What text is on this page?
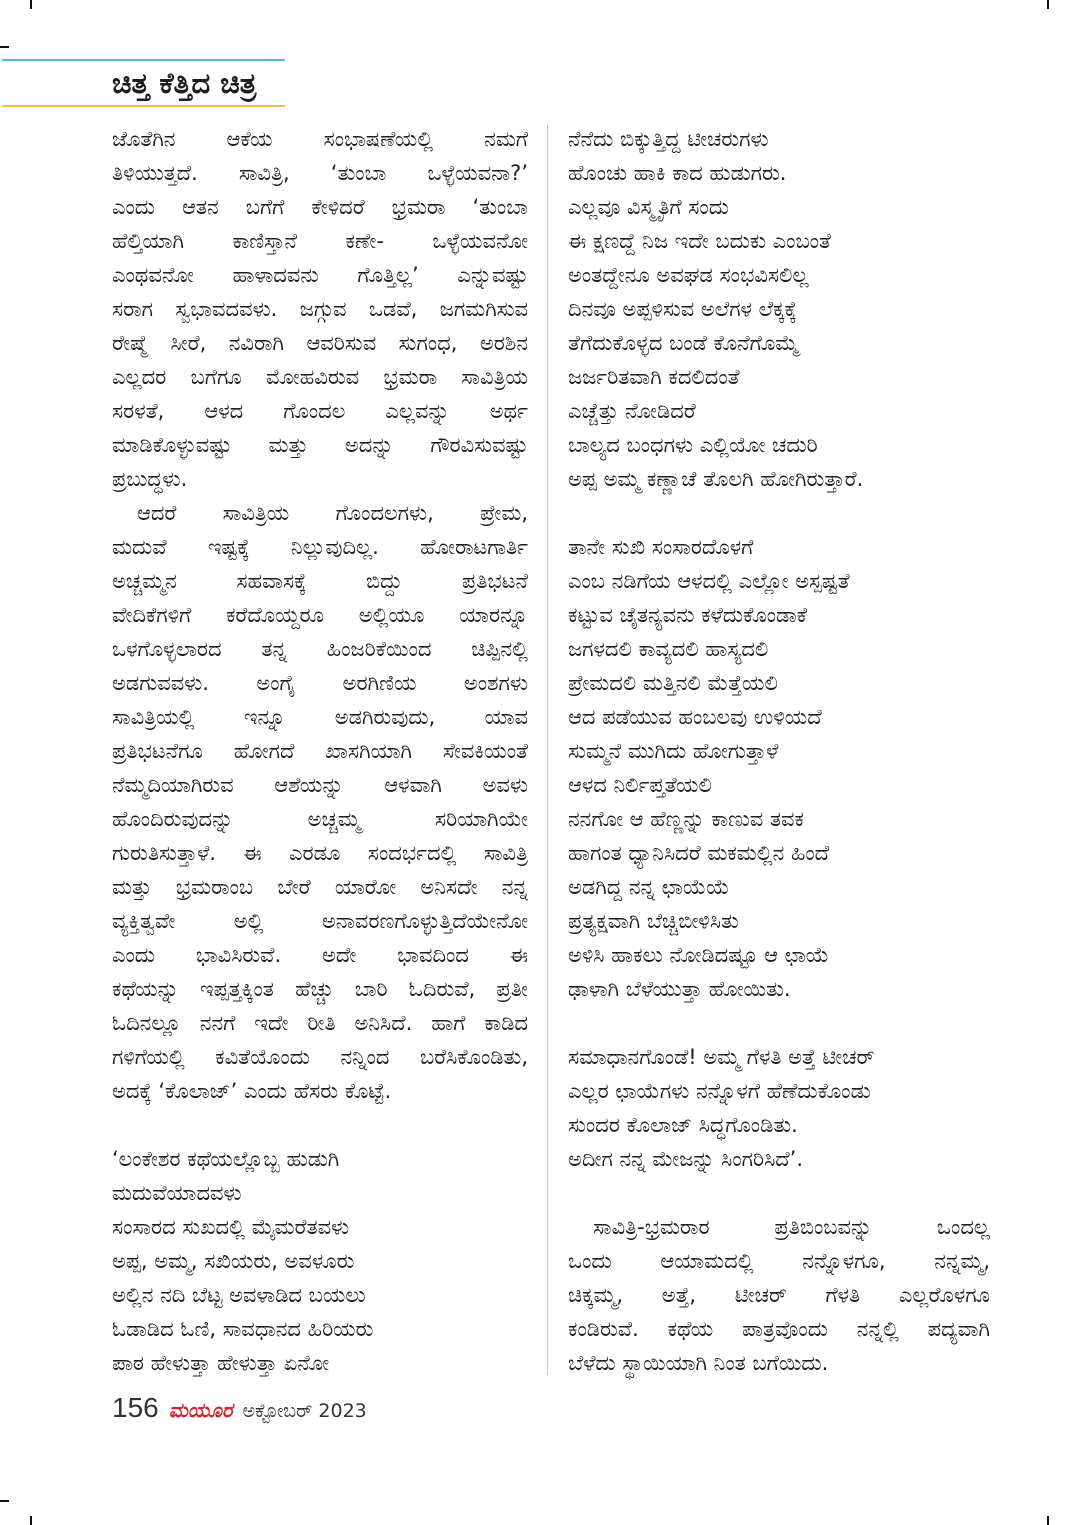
ಚಿತ್ತ ಕೆತ್ತಿದ ಚಿತ್ರ
ಜೊತೆಗಿನ ಆಕೆಯ ಸಂಭಾಷಣೆಯಲ್ಲಿ ನಮಗೆ
ತಿಳಿಯುತ್ತದೆ. ಸಾವಿತ್ರಿ, ‘ತುಂಬಾ ಒಳ್ಳೆಯವನಾ?’
ಎಂದು ಆತನ ಬಗೆಗೆ ಕೇಳಿದರೆ ಭ್ರಮರಾ ‘ತುಂಬಾ
ಹೆಲ್ತಿಯಾಗಿ ಕಾಣಿಸ್ತಾನೆ ಕಣೇ- ಒಳ್ಳೆಯವನೋ
ಎಂಥವನೋ ಹಾಳಾದವನು ಗೊತ್ತಿಲ್ಲ’ ಎನ್ನುವಷ್ಟು
ಸರಾಗ ಸ್ವಭಾವದವಳು. ಜಗ್ಗುವ ಒಡವೆ, ಜಗಮಗಿಸುವ
ರೇಷ್ಮೆ ಸೀರೆ, ನವಿರಾಗಿ ಆವರಿಸುವ ಸುಗಂಧ, ಅರಶಿನ
ಎಲ್ಲದರ ಬಗೆಗೂ ಮೋಹವಿರುವ ಭ್ರಮರಾ ಸಾವಿತ್ರಿಯ
ಸರಳತೆ, ಆಳದ ಗೊಂದಲ ಎಲ್ಲವನ್ನು ಅರ್ಥ
ಮಾಡಿಕೊಳ್ಳುವಷ್ಟು ಮತ್ತು ಅದನ್ನು ಗೌರವಿಸುವಷ್ಟು
ಪ್ರಬುದ್ಧಳು.
ಆದರೆ ಸಾವಿತ್ರಿಯ ಗೊಂದಲಗಳು, ಪ್ರೇಮ,
ಮದುವೆ ಇಷ್ಟಕ್ಕೆ ನಿಲ್ಲುವುದಿಲ್ಲ. ಹೋರಾಟಗಾರ್ತಿ
ಅಚ್ಚಮ್ಮನ ಸಹವಾಸಕ್ಕೆ ಬಿದ್ದು ಪ್ರತಿಭಟನೆ
ವೇದಿಕೆಗಳಿಗೆ ಕರೆದೊಯ್ದರೂ ಅಲ್ಲಿಯೂ ಯಾರನ್ನೂ
ಒಳಗೊಳ್ಳಲಾರದ ತನ್ನ ಹಿಂಜರಿಕೆಯಿಂದ ಚಿಪ್ಪಿನಲ್ಲಿ
ಅಡಗುವವಳು. ಅಂಗೈ ಅರಗಿಣಿಯ ಅಂಶಗಳು
ಸಾವಿತ್ರಿಯಲ್ಲಿ ಇನ್ನೂ ಅಡಗಿರುವುದು, ಯಾವ
ಪ್ರತಿಭಟನೆಗೂ ಹೋಗದೆ ಖಾಸಗಿಯಾಗಿ ಸೇವಕಿಯಂತೆ
ನೆಮ್ಮದಿಯಾಗಿರುವ ಆಶೆಯನ್ನು ಆಳವಾಗಿ ಅವಳು
ಹೊಂದಿರುವುದನ್ನು ಅಚ್ಚಮ್ಮ ಸರಿಯಾಗಿಯೇ
ಗುರುತಿಸುತ್ತಾಳೆ. ಈ ಎರಡೂ ಸಂದರ್ಭದಲ್ಲಿ ಸಾವಿತ್ರಿ
ಮತ್ತು ಭ್ರಮರಾಂಬ ಬೇರೆ ಯಾರೋ ಅನಿಸದೇ ನನ್ನ
ವ್ಯಕ್ತಿತ್ವವೇ ಅಲ್ಲಿ ಅನಾವರಣಗೊಳ್ಳುತ್ತಿದೆಯೇನೋ
ಎಂದು ಭಾವಿಸಿರುವೆ. ಅದೇ ಭಾವದಿಂದ ಈ
ಕಥೆಯನ್ನು ಇಪ್ಪತ್ತಕ್ಕಿಂತ ಹೆಚ್ಚು ಬಾರಿ ಓದಿರುವೆ, ಪ್ರತೀ
ಓದಿನಲ್ಲೂ ನನಗೆ ಇದೇ ರೀತಿ ಅನಿಸಿದೆ. ಹಾಗೆ ಕಾಡಿದ
ಗಳಿಗೆಯಲ್ಲಿ ಕವಿತೆಯೊಂದು ನನ್ನಿಂದ ಬರೆಸಿಕೊಂಡಿತು,
ಅದಕ್ಕೆ ‘ಕೊಲಾಜ್’ ಎಂದು ಹೆಸರು ಕೊಟ್ಟೆ.
‘ಲಂಕೇಶರ ಕಥೆಯಲ್ಲೊಬ್ಬ ಹುಡುಗಿ
ಮದುವೆಯಾದವಳು
ಸಂಸಾರದ ಸುಖದಲ್ಲಿ ಮೈಮರೆತವಳು
ಅಪ್ಪ, ಅಮ್ಮ, ಸಖಿಯರು, ಅವಳೂರು
ಅಲ್ಲಿನ ನದಿ ಬೆಟ್ಟ ಅವಳಾಡಿದ ಬಯಲು
ಓಡಾಡಿದ ಓಣಿ, ಸಾವಧಾನದ ಹಿರಿಯರು
ಪಾಠ ಹೇಳುತ್ತಾ ಹೇಳುತ್ತಾ ಏನೋ
ನೆನೆದು ಬಿಕ್ಕುತ್ತಿದ್ದ ಟೀಚರುಗಳು
ಹೊಂಚು ಹಾಕಿ ಕಾದ ಹುಡುಗರು.
ಎಲ್ಲವೂ ವಿಸ್ಮೃತಿಗೆ ಸಂದು
ಈ ಕ್ಷಣದ್ದೆ ನಿಜ ಇದೇ ಬದುಕು ಎಂಬಂತೆ
ಅಂತದ್ದೇನೂ ಅವಘಡ ಸಂಭವಿಸಲಿಲ್ಲ
ದಿನವೂ ಅಪ್ಪಳಿಸುವ ಅಲೆಗಳ ಲೆಕ್ಕಕ್ಕೆ
ತೆಗೆದುಕೊಳ್ಳದ ಬಂಡೆ ಕೊನೆಗೊಮ್ಮೆ
ಜರ್ಜರಿತವಾಗಿ ಕದಲಿದಂತೆ
ಎಚ್ಚೆತ್ತು ನೋಡಿದರೆ
ಬಾಲ್ಯದ ಬಂಧಗಳು ಎಲ್ಲಿಯೋ ಚದುರಿ
ಅಪ್ಪ ಅಮ್ಮ ಕಣ್ಣಾಚೆ ತೊಲಗಿ ಹೋಗಿರುತ್ತಾರೆ.
ತಾನೇ ಸುಖಿ ಸಂಸಾರದೊಳಗೆ
ಎಂಬ ನಡಿಗೆಯ ಆಳದಲ್ಲಿ ಎಲ್ಲೋ ಅಸ್ಪಷ್ಟತೆ
ಕಟ್ಟುವ ಚೈತನ್ಯವನು ಕಳೆದುಕೊಂಡಾಕೆ
ಜಗಳದಲಿ ಕಾವ್ಯದಲಿ ಹಾಸ್ಯದಲಿ
ಪ್ರೇಮದಲಿ ಮತ್ತಿನಲಿ ಮೆತ್ತೆಯಲಿ
ಆದ ಪಡೆಯುವ ಹಂಬಲವು ಉಳಿಯದೆ
ಸುಮ್ಮನೆ ಮುಗಿದು ಹೋಗುತ್ತಾಳೆ
ಆಳದ ನಿರ್ಲಿಪ್ತತೆಯಲಿ
ನನಗೋ ಆ ಹೆಣ್ಣನ್ನು ಕಾಣುವ ತವಕ
ಹಾಗಂತ ಧ್ಯಾನಿಸಿದರೆ ಮಕಮಲ್ಲಿನ ಹಿಂದೆ
ಅಡಗಿದ್ದ ನನ್ನ ಛಾಯೆಯೆ
ಪ್ರತ್ಯಕ್ಷವಾಗಿ ಬೆಚ್ಚಿಬೀಳಿಸಿತು
ಅಳಿಸಿ ಹಾಕಲು ನೋಡಿದಷ್ಟೂ ಆ ಛಾಯೆ
ಢಾಳಾಗಿ ಬೆಳೆಯುತ್ತಾ ಹೋಯಿತು.
ಸಮಾಧಾನಗೊಂಡೆ! ಅಮ್ಮ ಗೆಳತಿ ಅತ್ತೆ ಟೀಚರ್
ಎಲ್ಲರ ಛಾಯೆಗಳು ನನ್ನೊಳಗೆ ಹೆಣೆದುಕೊಂಡು
ಸುಂದರ ಕೊಲಾಜ್ ಸಿದ್ಧಗೊಂಡಿತು.
ಅದೀಗ ನನ್ನ ಮೇಜನ್ನು ಸಿಂಗರಿಸಿದೆ’.
ಸಾವಿತ್ರಿ-ಭ್ರಮರಾರ ಪ್ರತಿಬಿಂಬವನ್ನು ಒಂದಲ್ಲ
ಒಂದು ಆಯಾಮದಲ್ಲಿ ನನ್ನೊಳಗೂ, ನನ್ನಮ್ಮ,
ಚಿಕ್ಕಮ್ಮ, ಅತ್ತೆ, ಟೀಚರ್ ಗೆಳತಿ ಎಲ್ಲರೊಳಗೂ
ಕಂಡಿರುವೆ. ಕಥೆಯ ಪಾತ್ರವೊಂದು ನನ್ನಲ್ಲಿ ಪದ್ಯವಾಗಿ
ಬೆಳೆದು ಸ್ಥಾಯಿಯಾಗಿ ನಿಂತ ಬಗೆಯಿದು.
156 ಮಯೂರ ಅಕ್ಟೋಬರ್ 2023
